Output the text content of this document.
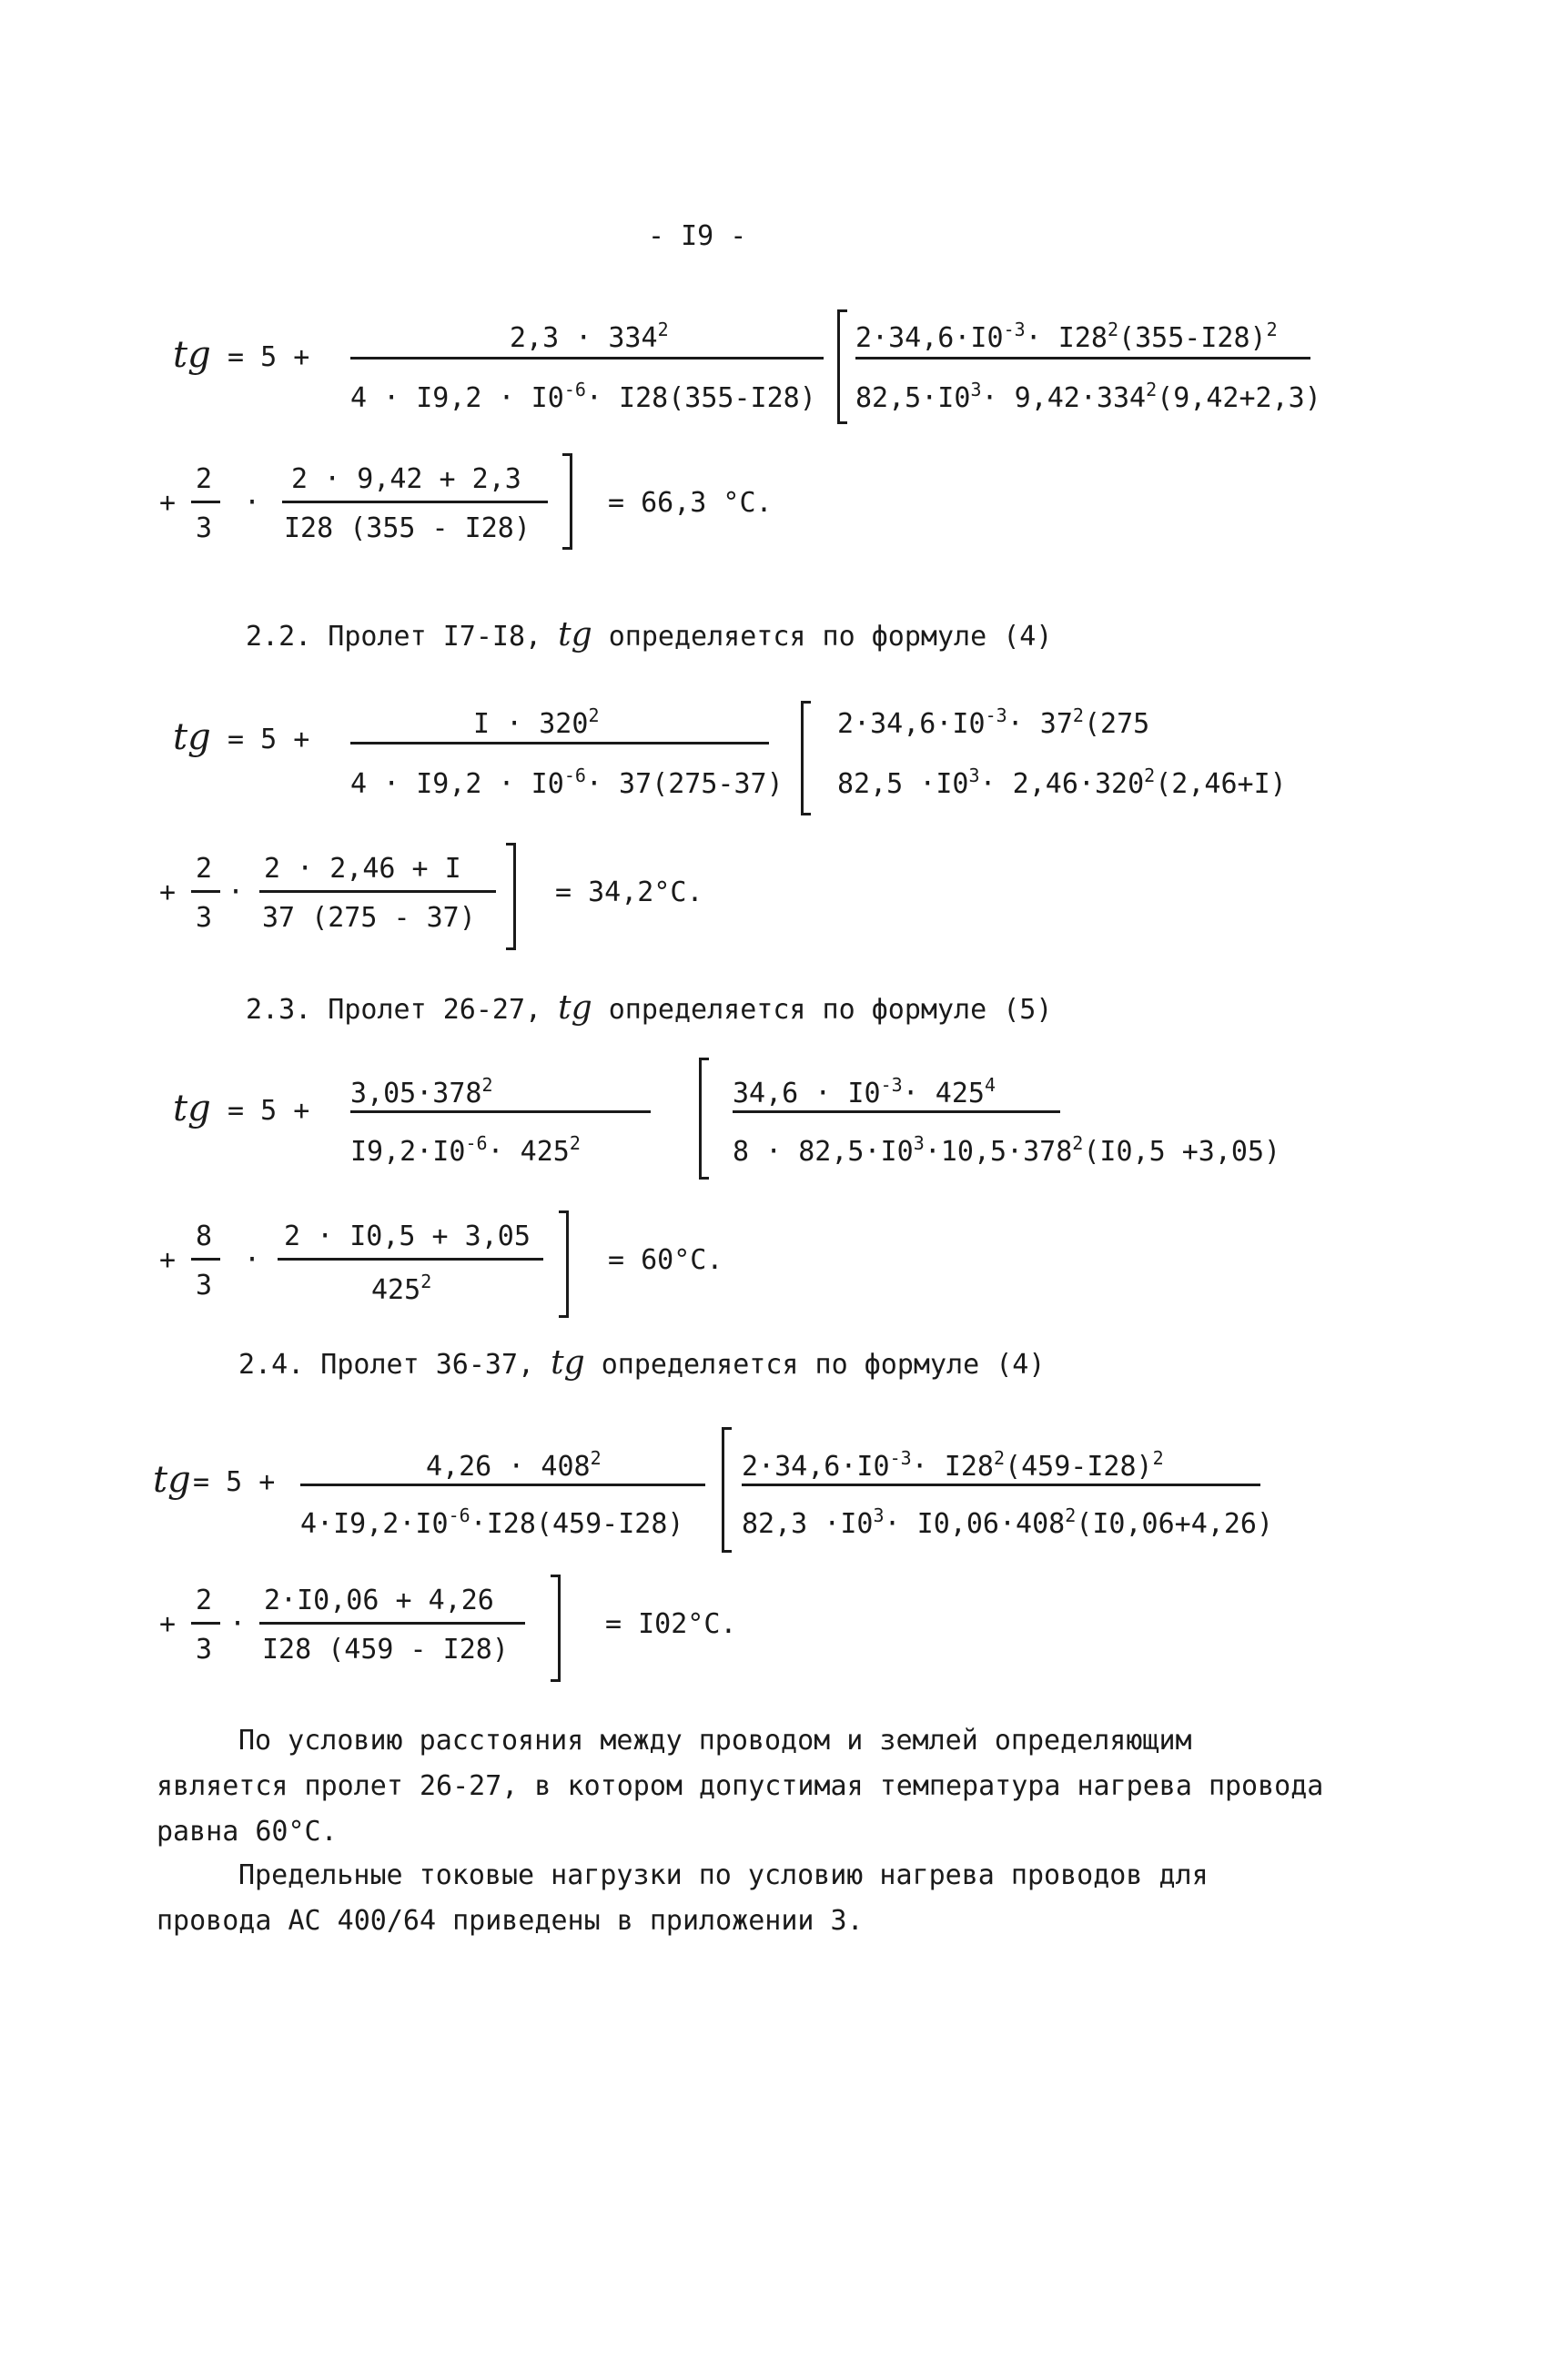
- I9 -
tg = 5 +
$2,3 \cdot 334^2$
$4 \cdot I9,2 \cdot I0^{-6}\cdot I28(355-I28)$
$2\cdot 34,6\cdot I0^{-3}\cdot I28^2(355-I28)^2$
$82,5\cdot I0^3\cdot 9,42\cdot 334^2(9,42+2,3)$
+
2
3
·
2 · 9,42 + 2,3
I28 (355 - I28)
= 66,3 °C.
2.2. Пролет I7-I8, tg определяется по формуле (4)
tg = 5 +	$I \cdot 320^2$
$4 \cdot I9,2 \cdot I0^{-6}\cdot 37(275-37)$
$2\cdot 34,6\cdot I0^{-3}\cdot 37^2(275$
$82,5 \cdot I0^3\cdot 2,46\cdot 320^2(2,46+I)$
+
2
3
·
2 · 2,46 + I
37 (275 - 37)
= 34,2°C.
2.3. Пролет 26-27, tg определяется по формуле (5)
tg = 5 +
$3,05\cdot 378^2$
$I9,2\cdot I0^{-6}\cdot 425^2$
$34,6 \cdot I0^{-3}\cdot 425^4$
$8 \cdot 82,5\cdot I0^3\cdot 10,5\cdot 378^2(I0,5 +3,05)$
+
8
3
·
2 · I0,5 + 3,05
$425^2$
= 60°C.
2.4. Пролет 36-37, tg определяется по формуле (4)
tg = 5 +	$4,26 \cdot 408^2$
$4\cdot I9,2\cdot I0^{-6}\cdot I28(459-I28)$
$2\cdot 34,6\cdot I0^{-3}\cdot I28^2(459-I28)^2$
$82,3 \cdot I0^3\cdot I0,06\cdot 408^2(I0,06+4,26)$
+
2
3
·
2·I0,06 + 4,26
I28 (459 - I28)
= I02°C.
По условию расстояния между проводом и землей определяющим является пролет 26-27, в котором допустимая температура нагрева провода равна 60°C.
Предельные токовые нагрузки по условию нагрева проводов для провода АС 400/64 приведены в приложении 3.
